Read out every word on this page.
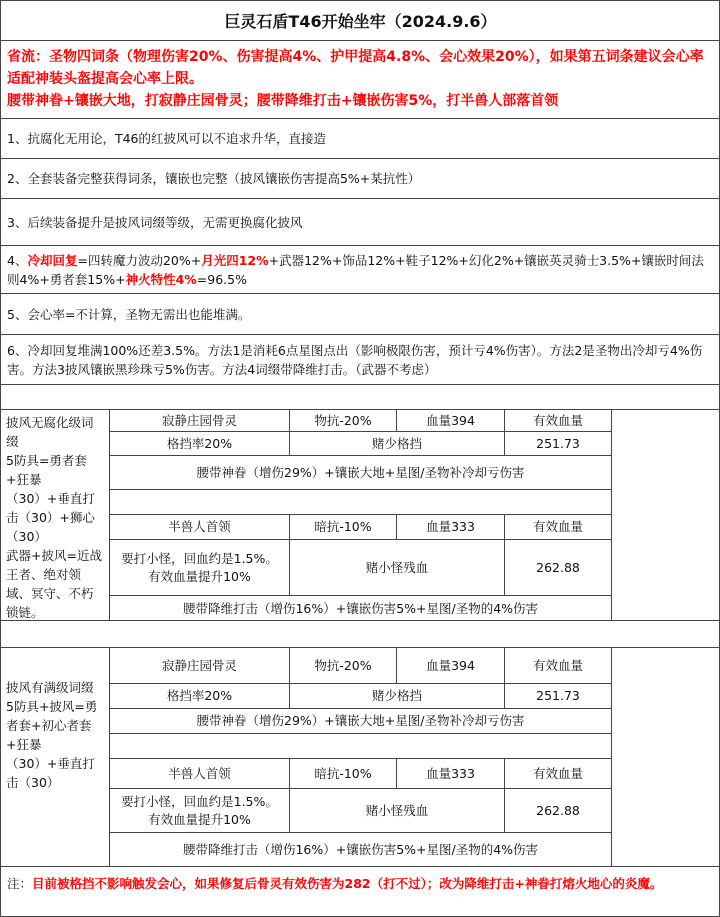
巨灵石盾T46开始坐牢（2024.9.6）
省流：圣物四词条（物理伤害20%、伤害提高4%、护甲提高4.8%、会心效果20%），如果第五词条建议会心率适配神装头盔提高会心率上限。
腰带神眷+镶嵌大地，打寂静庄园骨灵；腰带降维打击+镶嵌伤害5%，打半兽人部落首领
1、抗腐化无用论，T46的红披风可以不追求升华，直接造
2、全套装备完整获得词条，镶嵌也完整（披风镶嵌伤害提高5%+某抗性）
3、后续装备提升是披风词缀等级，无需更换腐化披风
4、冷却回复=四转魔力波动20%+月光四12%+武器12%+饰品12%+鞋子12%+幻化2%+镶嵌英灵骑士3.5%+镶嵌时间法则4%+勇者套15%+神火特性4%=96.5%
5、会心率=不计算，圣物无需出也能堆满。
6、冷却回复堆满100%还差3.5%。方法1是消耗6点星图点出（影响极限伤害，预计亏4%伤害）。方法2是圣物出冷却亏4%伤害。方法3披风镶嵌黑珍珠亏5%伤害。方法4词缀带降维打击。（武器不考虑）
披风无腐化级词缀
5防具=勇者套+狂暴（30）+垂直打击（30）+狮心（30）
武器+披风=近战王者、绝对领域、冥守、不朽锁链。
寂静庄园骨灵	物抗-20%	血量394	有效血量
格挡率20%	赌少格挡	251.73
腰带神眷（增伤29%）+镶嵌大地+星图/圣物补冷却亏伤害
半兽人首领	暗抗-10%	血量333	有效血量
要打小怪，回血约是1.5%。有效血量提升10%
赌小怪残血	262.88
腰带降维打击（增伤16%）+镶嵌伤害5%+星图/圣物的4%伤害
披风有满级词缀
5防具+披风=勇者套+初心者套+狂暴（30）+垂直打击（30）
寂静庄园骨灵	物抗-20%	血量394	有效血量
格挡率20%	赌少格挡	251.73
腰带神眷（增伤29%）+镶嵌大地+星图/圣物补冷却亏伤害
半兽人首领	暗抗-10%	血量333	有效血量
要打小怪，回血约是1.5%。有效血量提升10%
赌小怪残血	262.88
腰带降维打击（增伤16%）+镶嵌伤害5%+星图/圣物的4%伤害
注：目前被格挡不影响触发会心，如果修复后骨灵有效伤害为282（打不过）；改为降维打击+神眷打熔火地心的炎魔。
